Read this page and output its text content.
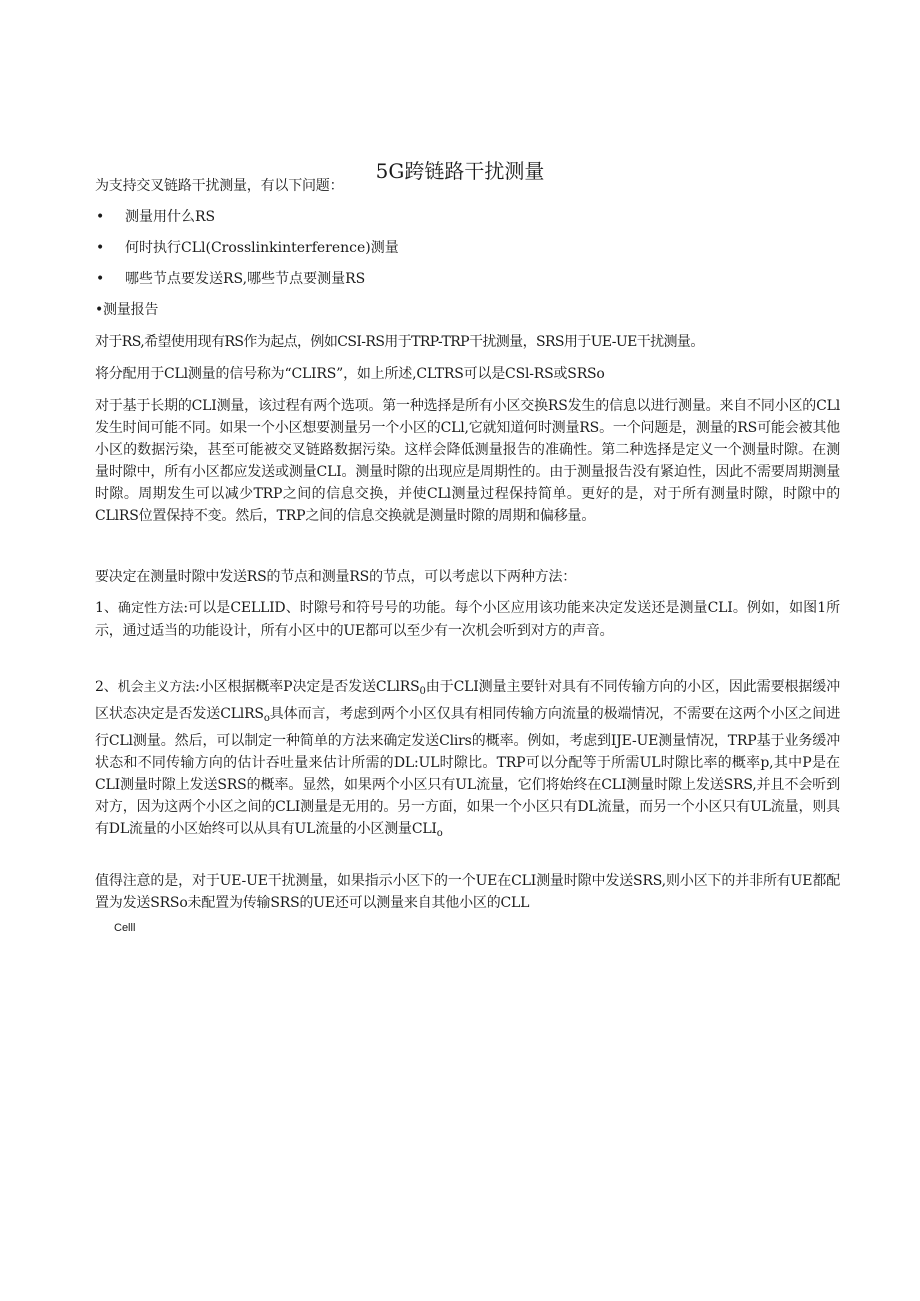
5G跨链路干扰测量

为支持交叉链路干扰测量，有以下问题：

• 测量用什么RS
• 何时执行CLl(Crosslinkinterference)测量
• 哪些节点要发送RS,哪些节点要测量RS

•测量报告

对于RS,希望使用现有RS作为起点，例如CSI-RS用于TRP-TRP干扰测量，SRS用于UE-UE干扰测量。

将分配用于CLl测量的信号称为“CLIRS”，如上所述,CLTRS可以是CSl-RS或SRSo

对于基于长期的CLI测量，该过程有两个选项。第一种选择是所有小区交换RS发生的信息以进行测量。来自不同小区的CLl发生时间可能不同。如果一个小区想要测量另一个小区的CLl,它就知道何时测量RS。一个问题是，测量的RS可能会被其他小区的数据污染，甚至可能被交叉链路数据污染。这样会降低测量报告的准确性。第二种选择是定义一个测量时隙。在测量时隙中，所有小区都应发送或测量CLI。测量时隙的出现应是周期性的。由于测量报告没有紧迫性，因此不需要周期测量时隙。周期发生可以减少TRP之间的信息交换，并使CLl测量过程保持简单。更好的是，对于所有测量时隙，时隙中的CLlRS位置保持不变。然后，TRP之间的信息交换就是测量时隙的周期和偏移量。

要决定在测量时隙中发送RS的节点和测量RS的节点，可以考虑以下两种方法：

1、确定性方法:可以是CELLID、时隙号和符号号的功能。每个小区应用该功能来决定发送还是测量CLI。例如，如图1所示，通过适当的功能设计，所有小区中的UE都可以至少有一次机会听到对方的声音。

2、机会主义方法:小区根据概率P决定是否发送CLlRS$_0$由于CLI测量主要针对具有不同传输方向的小区，因此需要根据缓冲区状态决定是否发送CLlRS$_o$具体而言，考虑到两个小区仅具有相同传输方向流量的极端情况，不需要在这两个小区之间进行CLl测量。然后，可以制定一种简单的方法来确定发送Clirs的概率。例如，考虑到IJE-UE测量情况，TRP基于业务缓冲状态和不同传输方向的估计吞吐量来估计所需的DL:UL时隙比。TRP可以分配等于所需UL时隙比率的概率p,其中P是在CLI测量时隙上发送SRS的概率。显然，如果两个小区只有UL流量，它们将始终在CLI测量时隙上发送SRS,并且不会听到对方，因为这两个小区之间的CLI测量是无用的。另一方面，如果一个小区只有DL流量，而另一个小区只有UL流量，则具有DL流量的小区始终可以从具有UL流量的小区测量$CLI_o$

值得注意的是，对于UE-UE干扰测量，如果指示小区下的一个UE在CLI测量时隙中发送SRS,则小区下的并非所有UE都配置为发送SRSo未配置为传输SRS的UE还可以测量来自其他小区的CLL

Celll
